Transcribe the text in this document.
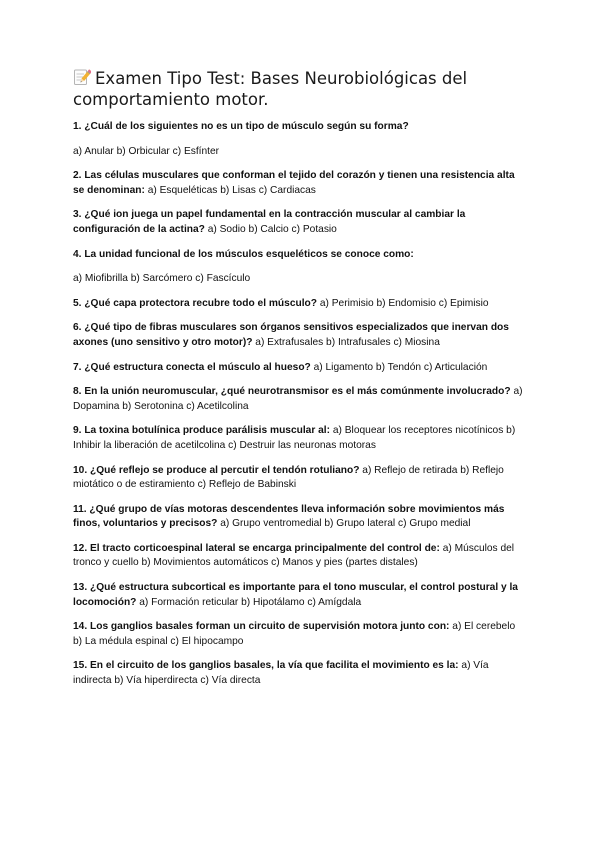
Examen Tipo Test: Bases Neurobiológicas del comportamiento motor.

1. ¿Cuál de los siguientes no es un tipo de músculo según su forma?

a) Anular b) Orbicular c) Esfínter

2. Las células musculares que conforman el tejido del corazón y tienen una resistencia alta se denominan: a) Esqueléticas b) Lisas c) Cardiacas

3. ¿Qué ion juega un papel fundamental en la contracción muscular al cambiar la configuración de la actina? a) Sodio b) Calcio c) Potasio

4. La unidad funcional de los músculos esqueléticos se conoce como:

a) Miofibrilla b) Sarcómero c) Fascículo

5. ¿Qué capa protectora recubre todo el músculo? a) Perimisio b) Endomisio c) Epimisio

6. ¿Qué tipo de fibras musculares son órganos sensitivos especializados que inervan dos axones (uno sensitivo y otro motor)? a) Extrafusales b) Intrafusales c) Miosina

7. ¿Qué estructura conecta el músculo al hueso? a) Ligamento b) Tendón c) Articulación

8. En la unión neuromuscular, ¿qué neurotransmisor es el más comúnmente involucrado? a) Dopamina b) Serotonina c) Acetilcolina

9. La toxina botulínica produce parálisis muscular al: a) Bloquear los receptores nicotínicos b) Inhibir la liberación de acetilcolina c) Destruir las neuronas motoras

10. ¿Qué reflejo se produce al percutir el tendón rotuliano? a) Reflejo de retirada b) Reflejo miotático o de estiramiento c) Reflejo de Babinski

11. ¿Qué grupo de vías motoras descendentes lleva información sobre movimientos más finos, voluntarios y precisos? a) Grupo ventromedial b) Grupo lateral c) Grupo medial

12. El tracto corticoespinal lateral se encarga principalmente del control de: a) Músculos del tronco y cuello b) Movimientos automáticos c) Manos y pies (partes distales)

13. ¿Qué estructura subcortical es importante para el tono muscular, el control postural y la locomoción? a) Formación reticular b) Hipotálamo c) Amígdala

14. Los ganglios basales forman un circuito de supervisión motora junto con: a) El cerebelo b) La médula espinal c) El hipocampo

15. En el circuito de los ganglios basales, la vía que facilita el movimiento es la: a) Vía indirecta b) Vía hiperdirecta c) Vía directa
